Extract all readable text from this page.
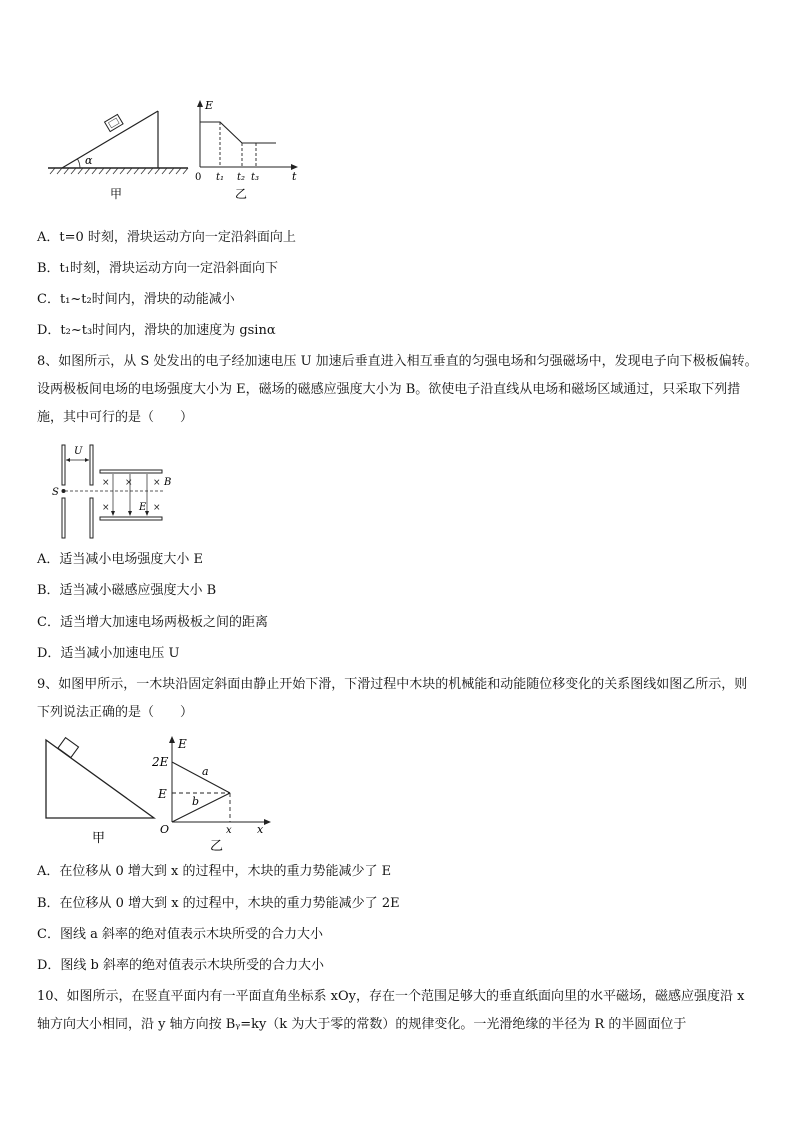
α
甲
E
t
0 t₁ t₂ t₃
乙
A．t=0 时刻，滑块运动方向一定沿斜面向上
B．t₁时刻，滑块运动方向一定沿斜面向下
C．t₁~t₂时间内，滑块的动能减小
D．t₂~t₃时间内，滑块的加速度为 gsinα
8、如图所示，从 S 处发出的电子经加速电压 U 加速后垂直进入相互垂直的匀强电场和匀强磁场中，发现电子向下极板偏转。设两极板间电场的电场强度大小为 E，磁场的磁感应强度大小为 B。欲使电子沿直线从电场和磁场区域通过，只采取下列措施，其中可行的是（　　）
U
S
× × ×
×	×
B
E
A．适当减小电场强度大小 E
B．适当减小磁感应强度大小 B
C．适当增大加速电场两极板之间的距离
D．适当减小加速电压 U
9、如图甲所示，一木块沿固定斜面由静止开始下滑，下滑过程中木块的机械能和动能随位移变化的关系图线如图乙所示，则下列说法正确的是（　　）
甲
E
2E
E
O
a
b
x x
乙
A．在位移从 0 增大到 x 的过程中，木块的重力势能减少了 E
B．在位移从 0 增大到 x 的过程中，木块的重力势能减少了 2E
C．图线 a 斜率的绝对值表示木块所受的合力大小
D．图线 b 斜率的绝对值表示木块所受的合力大小
10、如图所示，在竖直平面内有一平面直角坐标系 xOy，存在一个范围足够大的垂直纸面向里的水平磁场，磁感应强度沿 x 轴方向大小相同，沿 y 轴方向按 Bᵧ=ky（k 为大于零的常数）的规律变化。一光滑绝缘的半径为 R 的半圆面位于
